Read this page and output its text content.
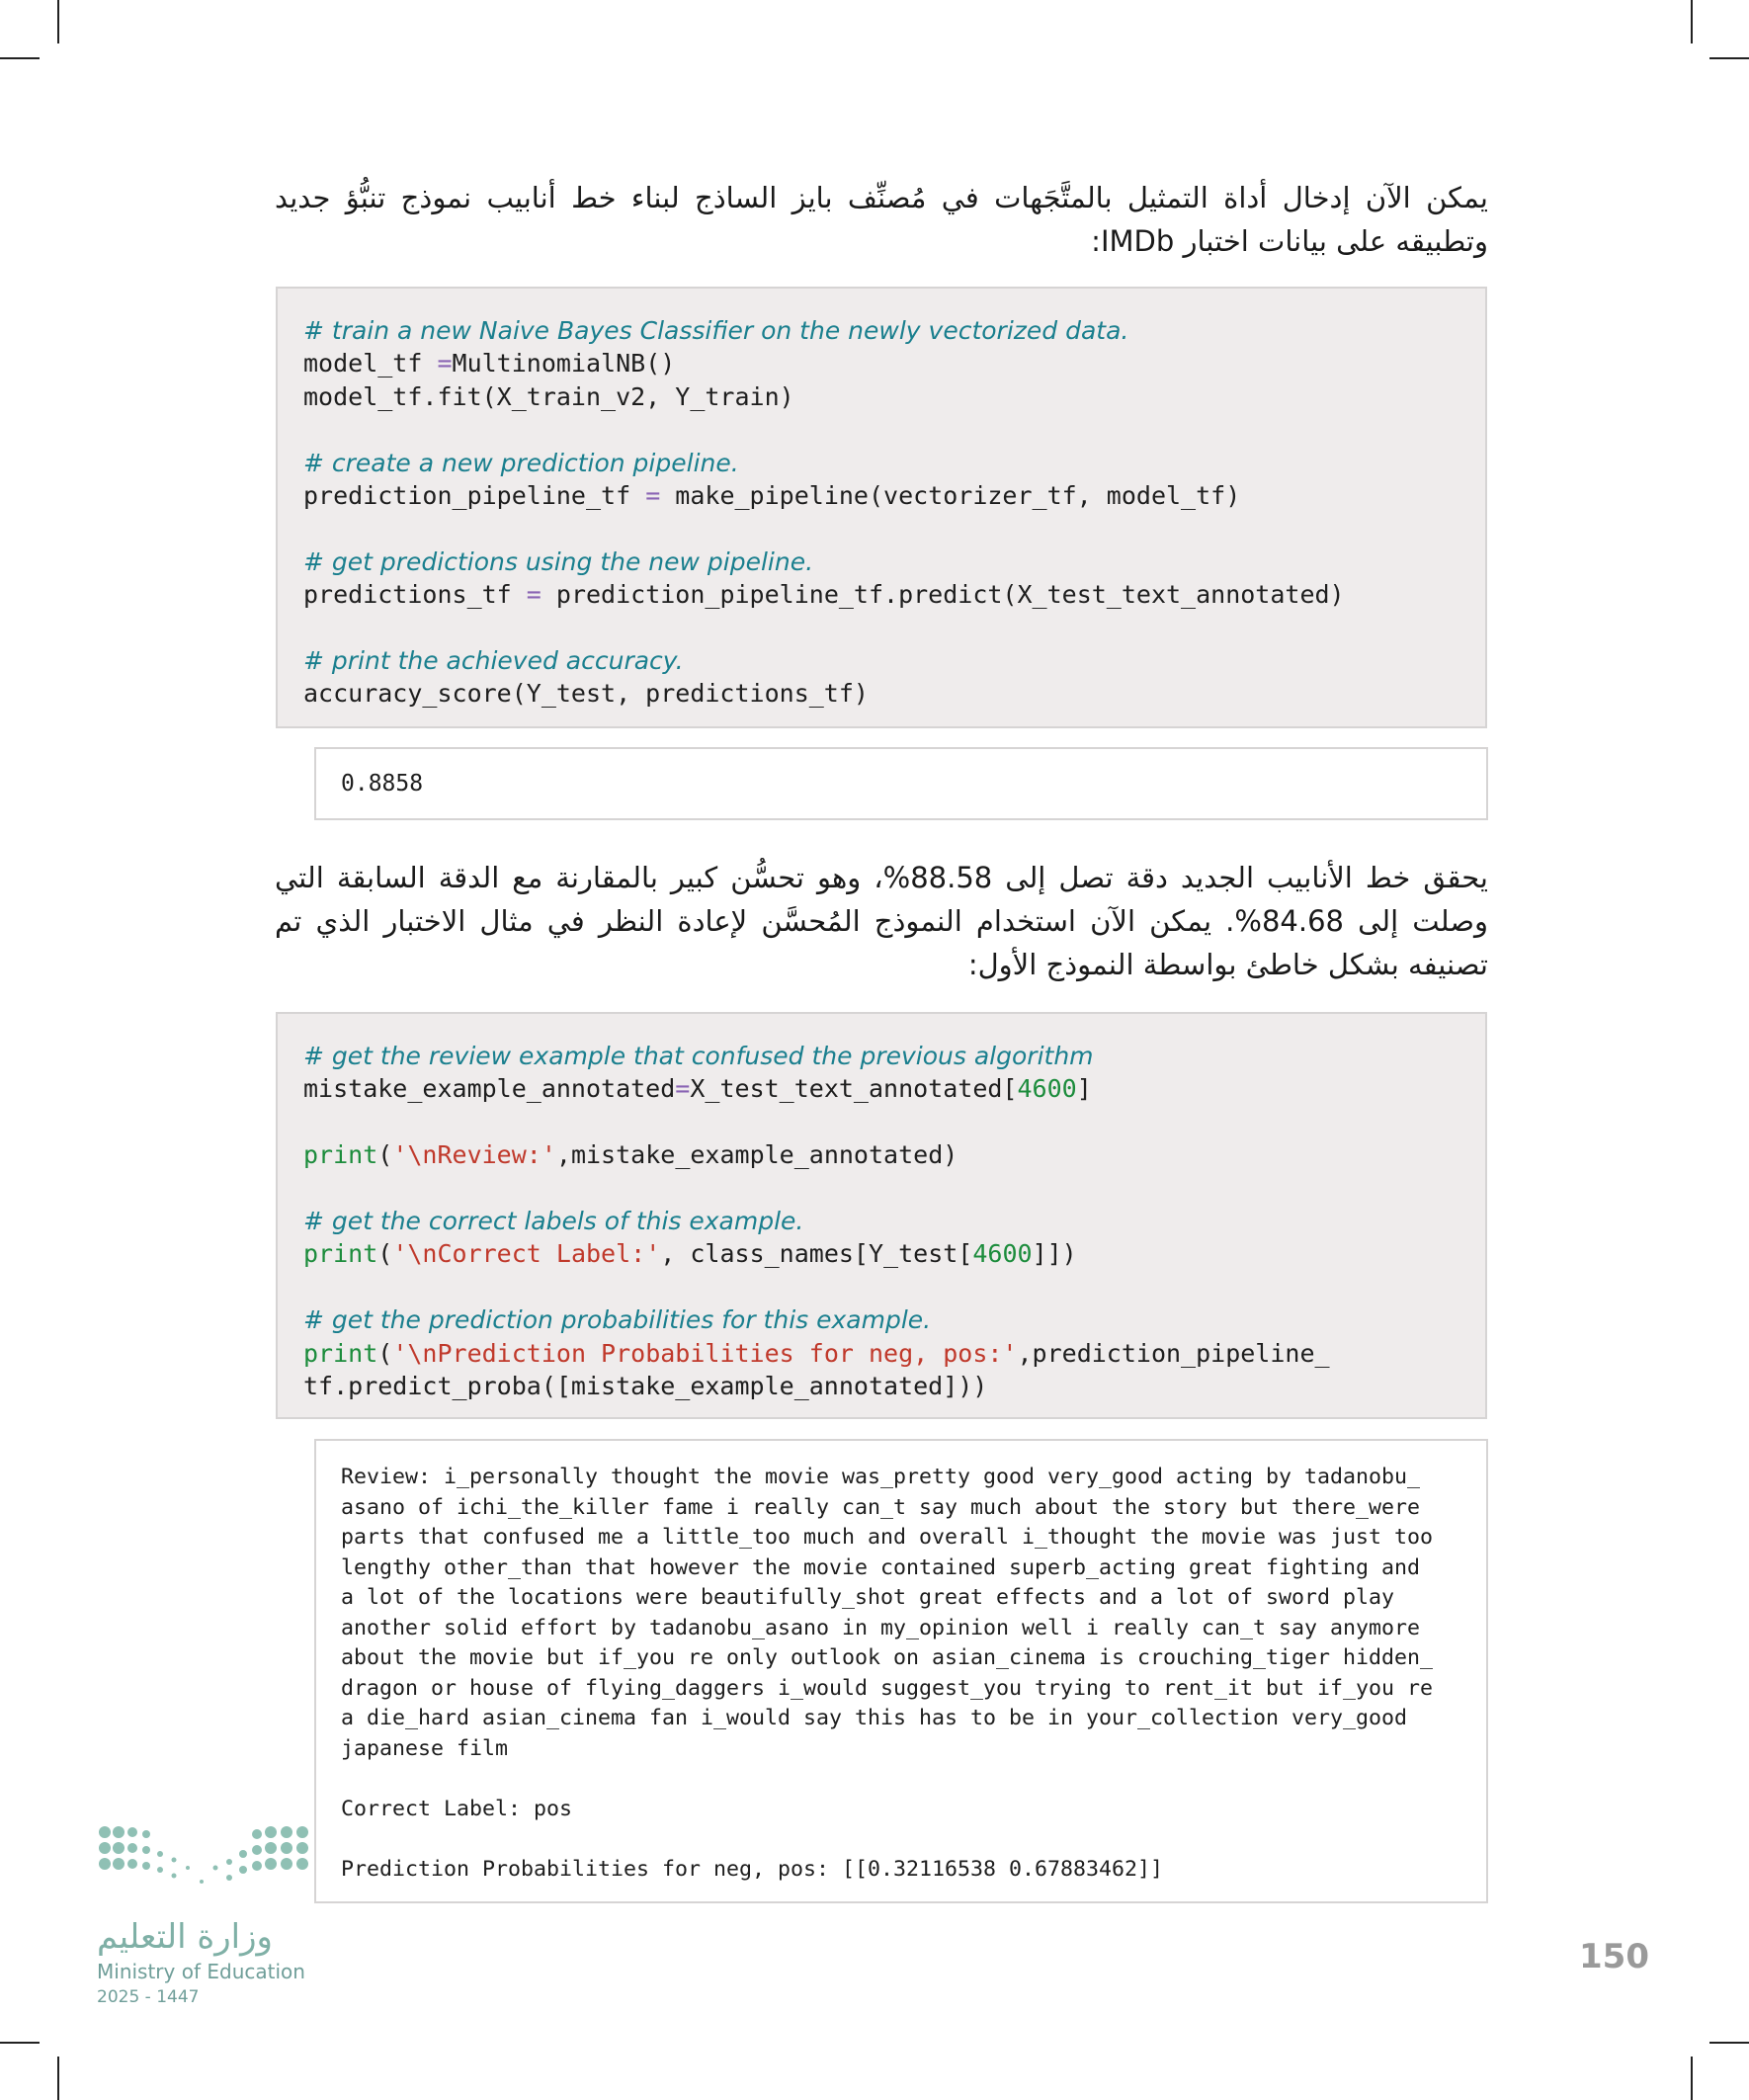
يمكن الآن إدخال أداة التمثيل بالمتَّجَهات في مُصنِّف بايز الساذج لبناء خط أنابيب نموذج تنبُّؤ جديد وتطبيقه على بيانات اختبار IMDb:
# train a new Naive Bayes Classifier on the newly vectorized data.
model_tf =MultinomialNB()
model_tf.fit(X_train_v2, Y_train)
# create a new prediction pipeline.
prediction_pipeline_tf = make_pipeline(vectorizer_tf, model_tf)
# get predictions using the new pipeline.
predictions_tf = prediction_pipeline_tf.predict(X_test_text_annotated)
# print the achieved accuracy.
accuracy_score(Y_test, predictions_tf)
0.8858
يحقق خط الأنابيب الجديد دقة تصل إلى 88.58%، وهو تحسُّن كبير بالمقارنة مع الدقة السابقة التي وصلت إلى 84.68%. يمكن الآن استخدام النموذج المُحسَّن لإعادة النظر في مثال الاختبار الذي تم تصنيفه بشكل خاطئ بواسطة النموذج الأول:
# get the review example that confused the previous algorithm
mistake_example_annotated=X_test_text_annotated[4600]
print('\nReview:',mistake_example_annotated)
# get the correct labels of this example.
print('\nCorrect Label:', class_names[Y_test[4600]])
# get the prediction probabilities for this example.
print('\nPrediction Probabilities for neg, pos:',prediction_pipeline_
tf.predict_proba([mistake_example_annotated]))
Review: i_personally thought the movie was_pretty good very_good acting by tadanobu_
asano of ichi_the_killer fame i really can_t say much about the story but there_were
parts that confused me a little_too much and overall i_thought the movie was just too
lengthy other_than that however the movie contained superb_acting great fighting and
a lot of the locations were beautifully_shot great effects and a lot of sword play
another solid effort by tadanobu_asano in my_opinion well i really can_t say anymore
about the movie but if_you re only outlook on asian_cinema is crouching_tiger hidden_
dragon or house of flying_daggers i_would suggest_you trying to rent_it but if_you re
a die_hard asian_cinema fan i_would say this has to be in your_collection very_good
japanese film
Correct Label: pos
Prediction Probabilities for neg, pos: [[0.32116538 0.67883462]]
وزارة التعليم
Ministry of Education
2025 - 1447
150
